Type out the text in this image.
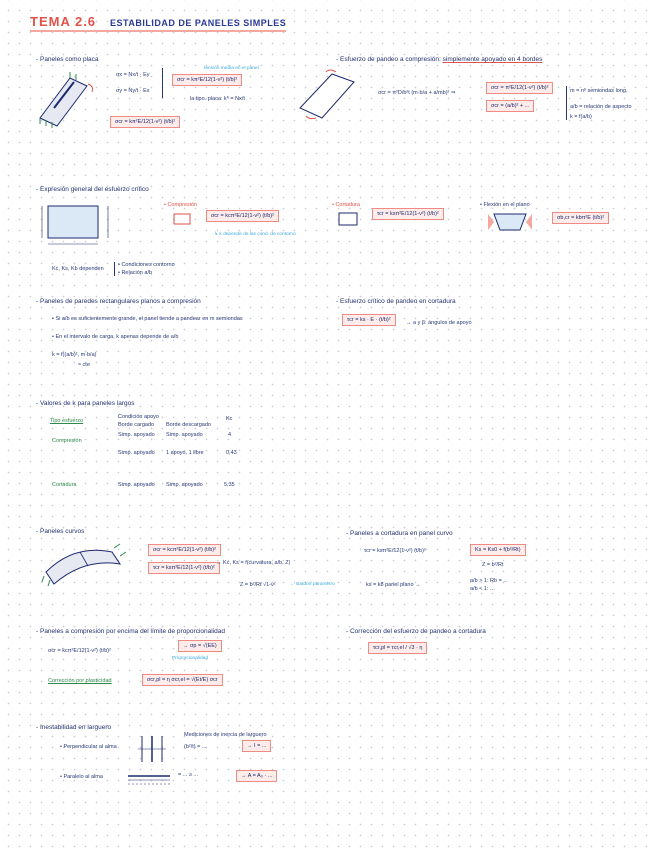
TEMA 2.6 ESTABILIDAD DE PANELES SIMPLES
- Paneles como placa
σx = Nx/t · Ey
σy = Ny/t · Ex
σcr = kπ²E/12(1-ν²) (t/b)²
tensión media en el panel
la tipo. placa: k* = Nx/t
σcr = kπ²E/12(1-ν²) (t/b)²
- Esfuerzo de pandeo a compresión: simplemente apoyado en 4 bordes
σcr = π²D/b²t (m·b/a + a/mb)² ⇒
σcr = π²E/12(1-ν²) (t/b)²
σcr = (a/b)² + ...
m = nº semiondas long.
a/b = relación de aspecto
k = f(a/b)
- Expresión general del esfuerzo crítico
• Compresión
σcr = kcπ²E/12(1-ν²) (t/b)²
↳ k depende de las cond. de contorno
• Cortadura
τcr = ksπ²E/12(1-ν²) (t/b)²
• Flexión en el plano
σb,cr = kbπ²E (t/b)²
Kc, Ks, Kb dependen
• Condiciones contorno
• Relación a/b
- Paneles de paredes rectangulares planos a compresión
• Si a/b es suficientemente grande, el panel tiende a pandear en m semiondas
• En el intervalo de carga, k apenas depende de a/b
k = f((a/b)², m·b/a)
≈ cte
- Esfuerzo crítico de pandeo en cortadura
τcr = ks · E · (t/b)²	→ a y β: ángulos de apoyo
- Valores de k para paneles largos
Tipo esfuerzo
Condición apoyo
Borde cargado Borde descargado
Kc
Compresión
Simp. apoyado Simp. apoyado	4
Simp. apoyado 1 apoyo, 1 libre	0,43
Cortadura	Simp. apoyado Simp. apoyado	5,35
- Paneles curvos
σcr = kcπ²E/12(1-ν²) (t/b)²
τcr = ksπ²E/12(1-ν²) (t/b)²
→ Kc, Ks = f(curvatura, a/b, Z)
Z = b²/Rt √1-ν²	← Batdorf parámetro
- Paneles a cortadura en panel curvo
τcr = ksπ²E/12(1-ν²) (t/b)²	Ks = Ks0 + f(b²/Rt)
Z = b²/Rt
ks = k8 panel plano →
a/b > 1: Rb = ...
a/b < 1: ...
- Paneles a compresión por encima del límite de proporcionalidad
σcr = kcπ²E/12(1-ν²) (t/b)²
→ σp = √(EE)
Proporcionalidad
Corrección por plasticidad	σcr,pl = η σcr,el = √(Et/E) σcr
- Corrección del esfuerzo de pandeo a cortadura
τcr,pl = τcr,el / √3 · η
- Inestabilidad en larguero
• Perpendicular al alma
Mediciones de inercia de larguero
(b²/t) = ...	→ I = ...
• Paralelo al alma	= ... ≥ ...	→ A = A₀ · ...
